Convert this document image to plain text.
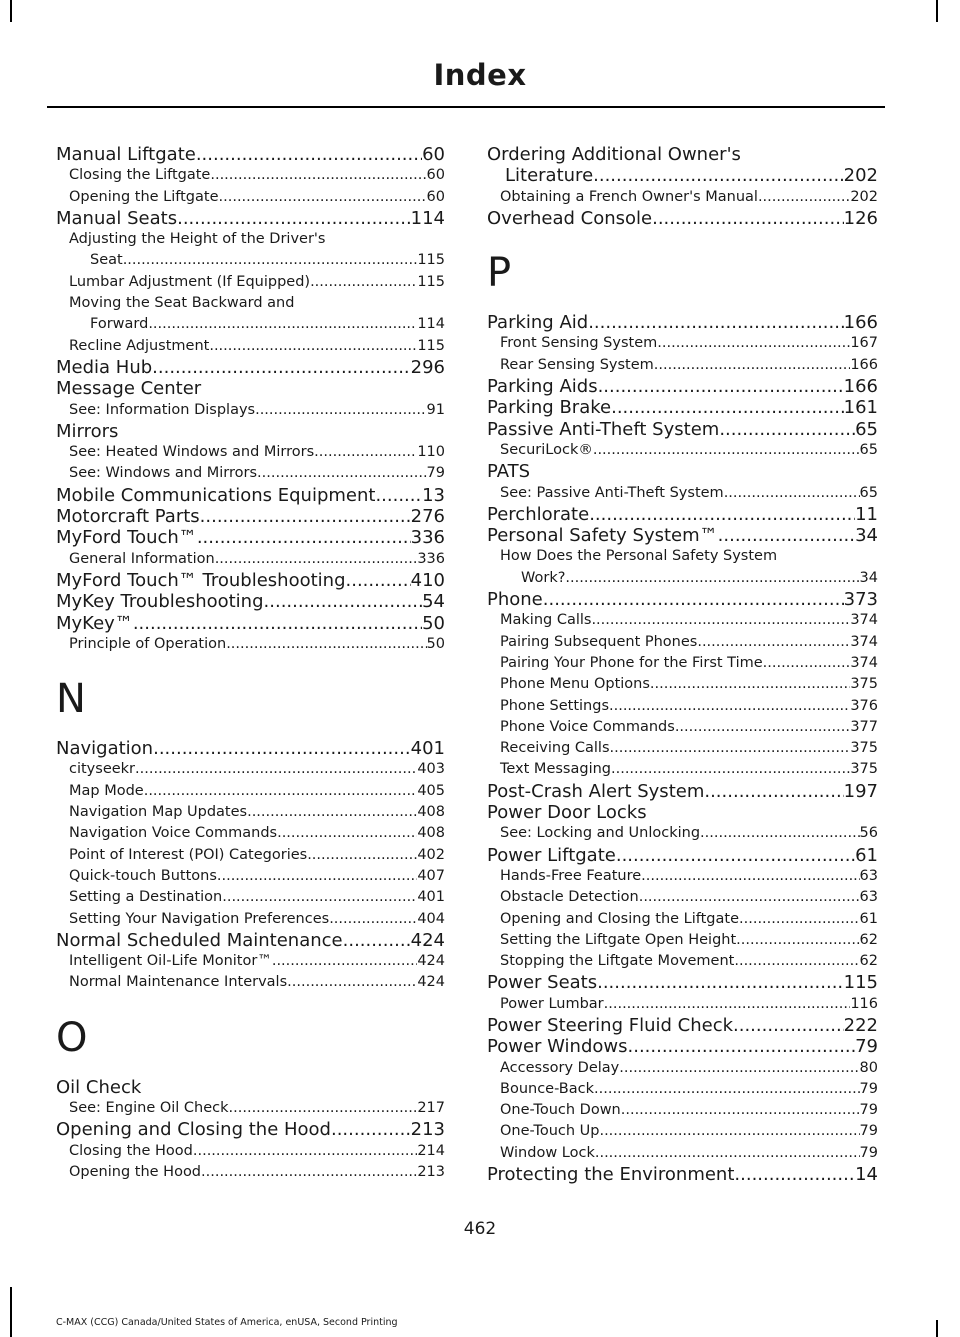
Index
Manual Liftgate .....	60
Closing the Liftgate .....	60
Opening the Liftgate .....	60
Manual Seats .....	114
Adjusting the Height of the Driver's
Seat .....	115
Lumbar Adjustment (If Equipped) .....	115
Moving the Seat Backward and
Forward .....	114
Recline Adjustment .....	115
Media Hub .....	296
Message Center
See: Information Displays .....	91
Mirrors
See: Heated Windows and Mirrors .....	110
See: Windows and Mirrors .....	79
Mobile Communications Equipment .....	13
Motorcraft Parts .....	276
MyFord Touch™ .....	336
General Information .....	336
MyFord Touch™ Troubleshooting .....	410
MyKey Troubleshooting .....	54
MyKey™ .....	50
Principle of Operation .....	50
N
Navigation .....	401
cityseekr .....	403
Map Mode .....	405
Navigation Map Updates .....	408
Navigation Voice Commands .....	408
Point of Interest (POI) Categories .....	402
Quick-touch Buttons .....	407
Setting a Destination .....	401
Setting Your Navigation Preferences .....	404
Normal Scheduled Maintenance .....	424
Intelligent Oil-Life Monitor™ .....	424
Normal Maintenance Intervals .....	424
O
Oil Check
See: Engine Oil Check .....	217
Opening and Closing the Hood .....	213
Closing the Hood .....	214
Opening the Hood .....	213
Ordering Additional Owner's
Literature .....	202
Obtaining a French Owner's Manual .....	202
Overhead Console .....	126
P
Parking Aid .....	166
Front Sensing System .....	167
Rear Sensing System .....	166
Parking Aids .....	166
Parking Brake .....	161
Passive Anti-Theft System .....	65
SecuriLock® .....	65
PATS
See: Passive Anti-Theft System .....	65
Perchlorate .....	11
Personal Safety System™ .....	34
How Does the Personal Safety System
Work? .....	34
Phone .....	373
Making Calls .....	374
Pairing Subsequent Phones .....	374
Pairing Your Phone for the First Time .....	374
Phone Menu Options .....	375
Phone Settings .....	376
Phone Voice Commands .....	377
Receiving Calls .....	375
Text Messaging .....	375
Post-Crash Alert System .....	197
Power Door Locks
See: Locking and Unlocking .....	56
Power Liftgate .....	61
Hands-Free Feature .....	63
Obstacle Detection .....	63
Opening and Closing the Liftgate .....	61
Setting the Liftgate Open Height .....	62
Stopping the Liftgate Movement .....	62
Power Seats .....	115
Power Lumbar .....	116
Power Steering Fluid Check .....	222
Power Windows .....	79
Accessory Delay .....	80
Bounce-Back .....	79
One-Touch Down .....	79
One-Touch Up .....	79
Window Lock .....	79
Protecting the Environment .....	14
462
C-MAX (CCG) Canada/United States of America, enUSA, Second Printing
